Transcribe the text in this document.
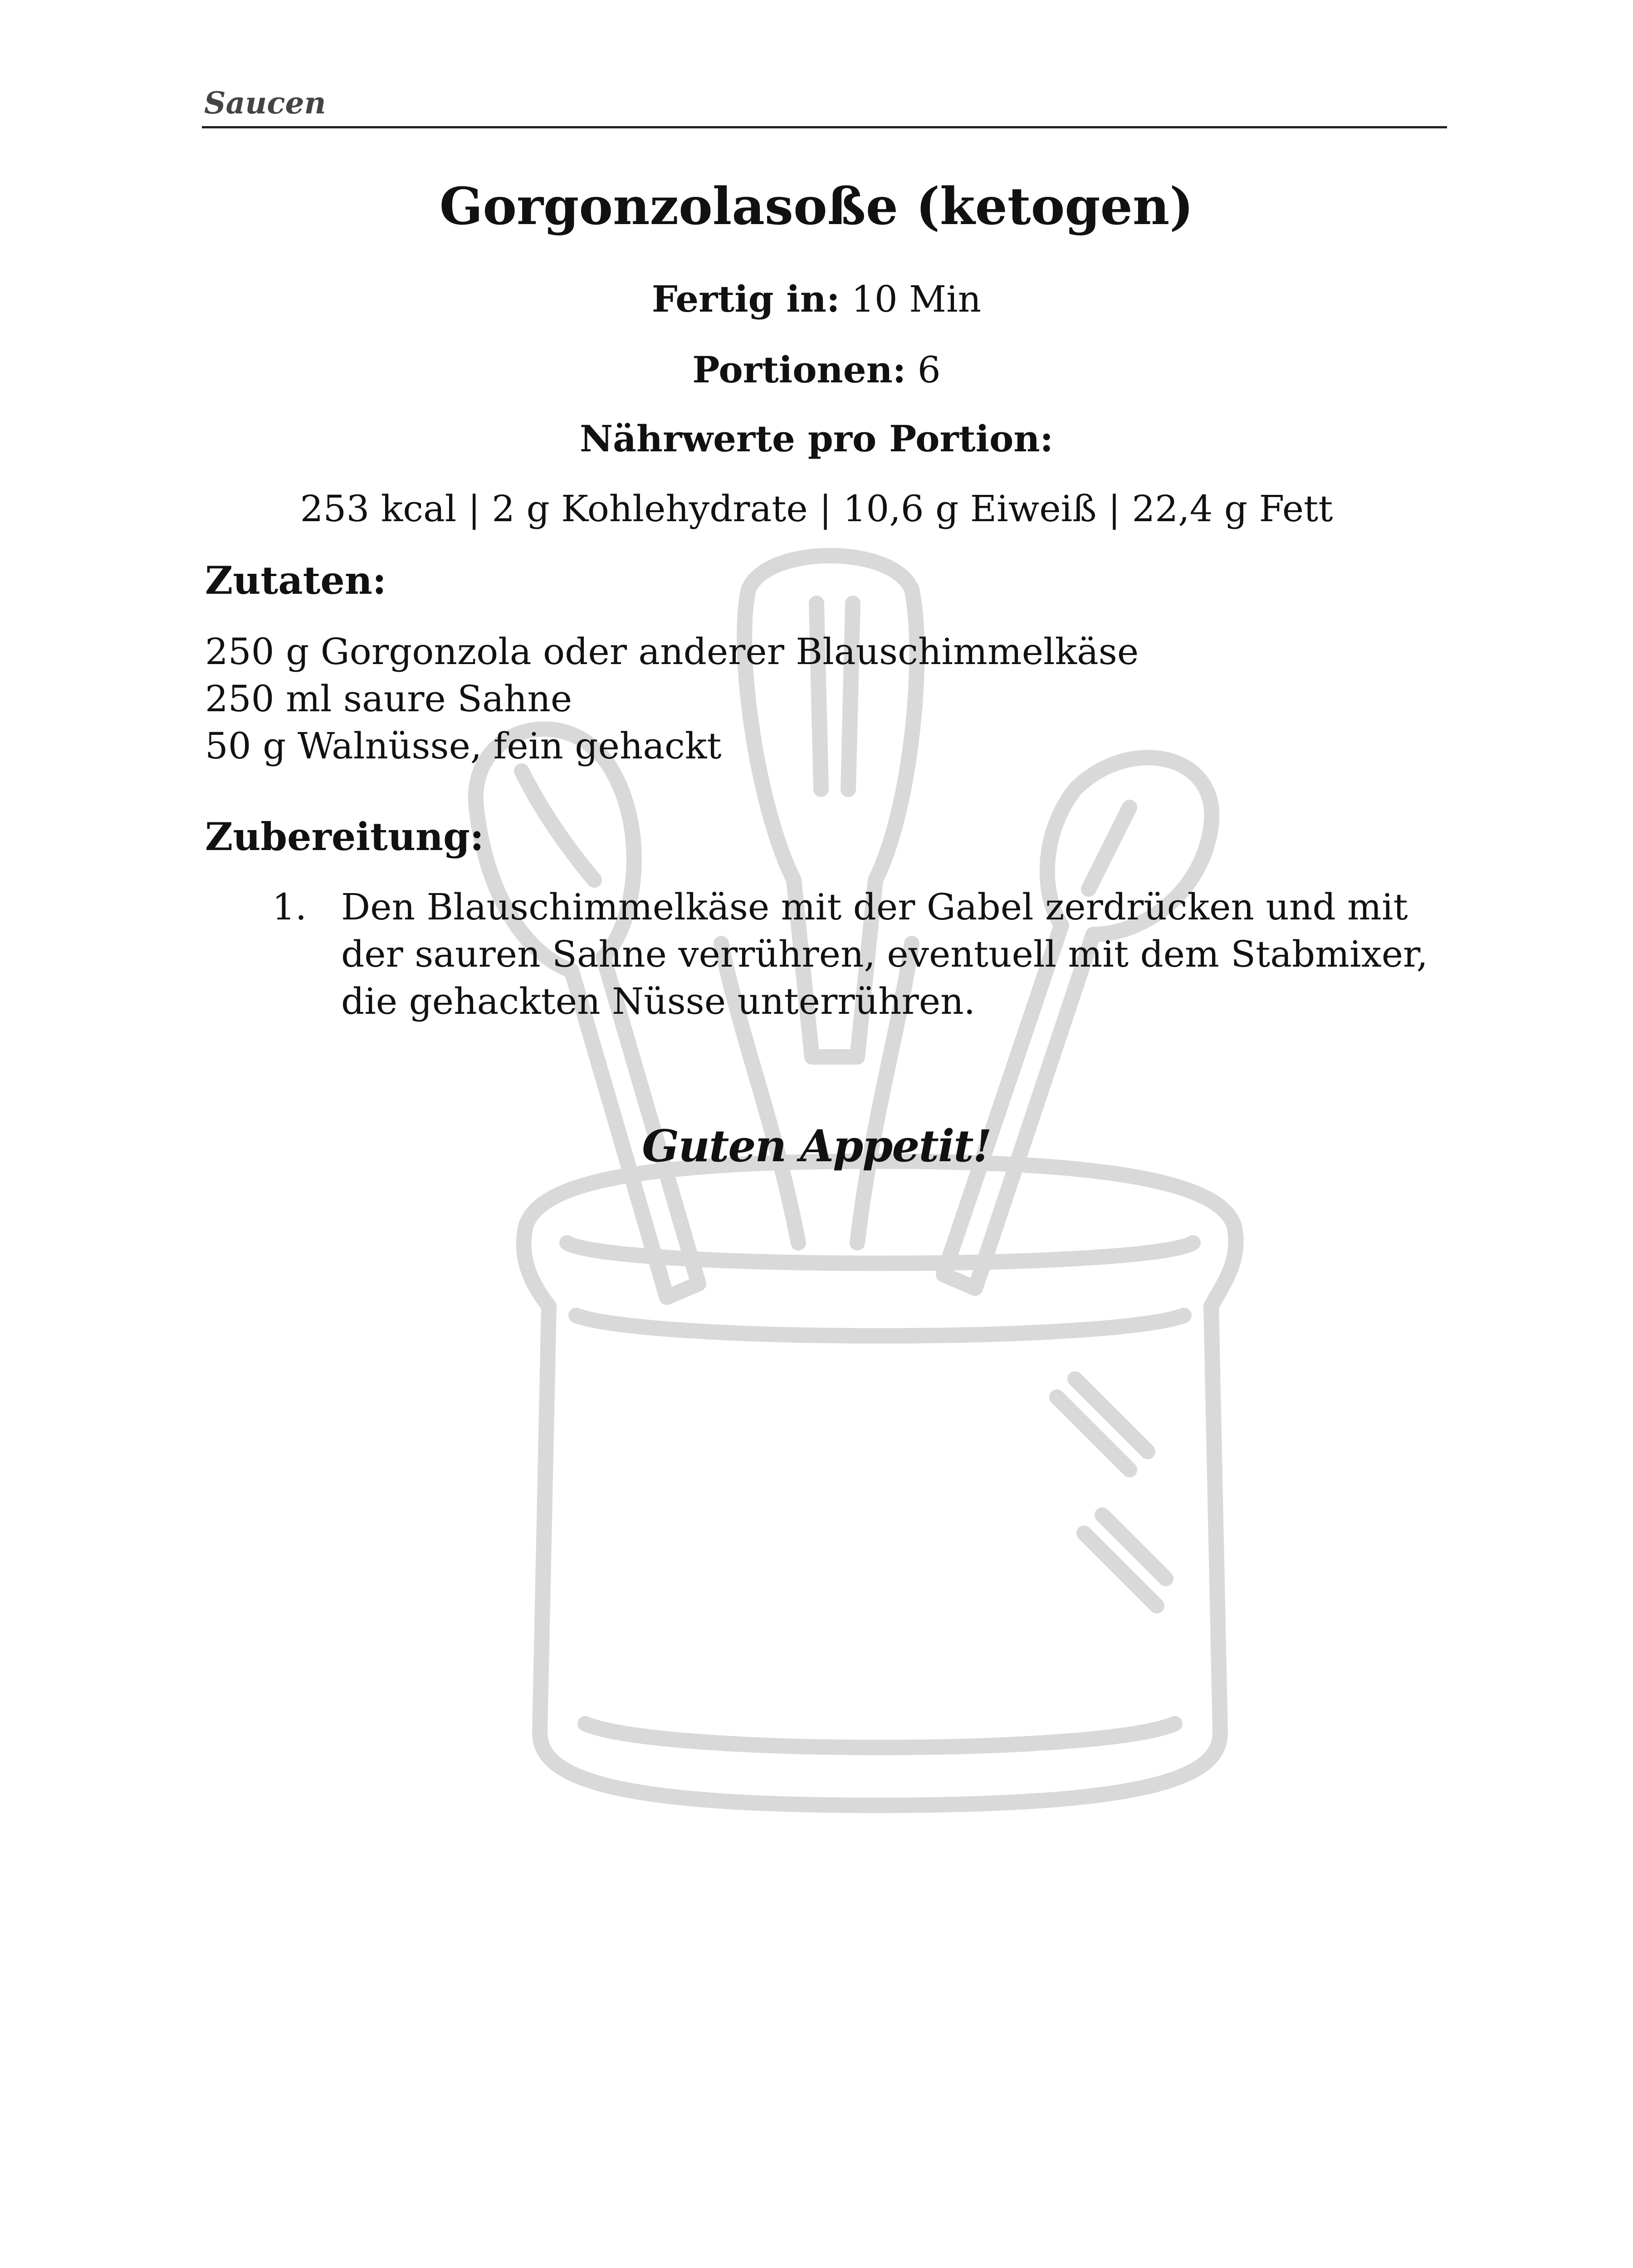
Saucen
Gorgonzolasoße (ketogen)
Fertig in: 10 Min
Portionen: 6
Nährwerte pro Portion:
253 kcal | 2 g Kohlehydrate | 10,6 g Eiweiß | 22,4 g Fett
Zutaten:
250 g Gorgonzola oder anderer Blauschimmelkäse
250 ml saure Sahne
50 g Walnüsse, fein gehackt
Zubereitung:
1. Den Blauschimmelkäse mit der Gabel zerdrücken und mit der sauren Sahne verrühren, eventuell mit dem Stabmixer, die gehackten Nüsse unterrühren.
Guten Appetit!
